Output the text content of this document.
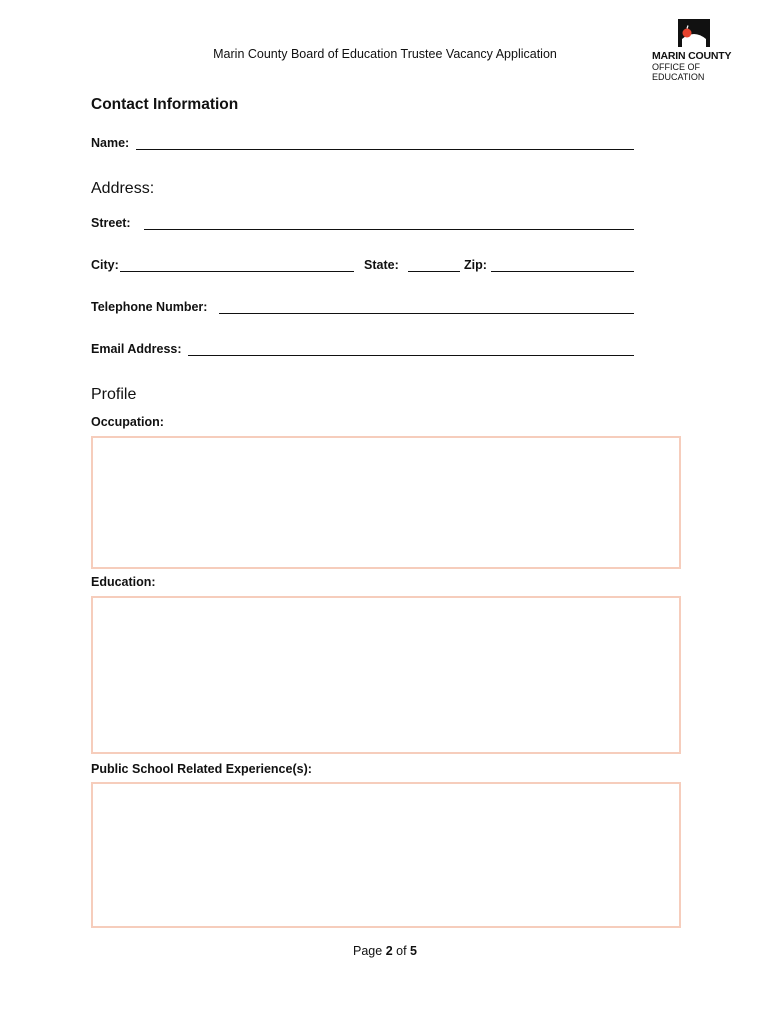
Marin County Board of Education Trustee Vacancy Application	MARIN COUNTY
OFFICE OF EDUCATION
Contact Information
Name:
Address:
Street:
City:	State:	Zip:
Telephone Number:
Email Address:
Profile
Occupation:
Education:
Public School Related Experience(s):
Page 2 of 5
